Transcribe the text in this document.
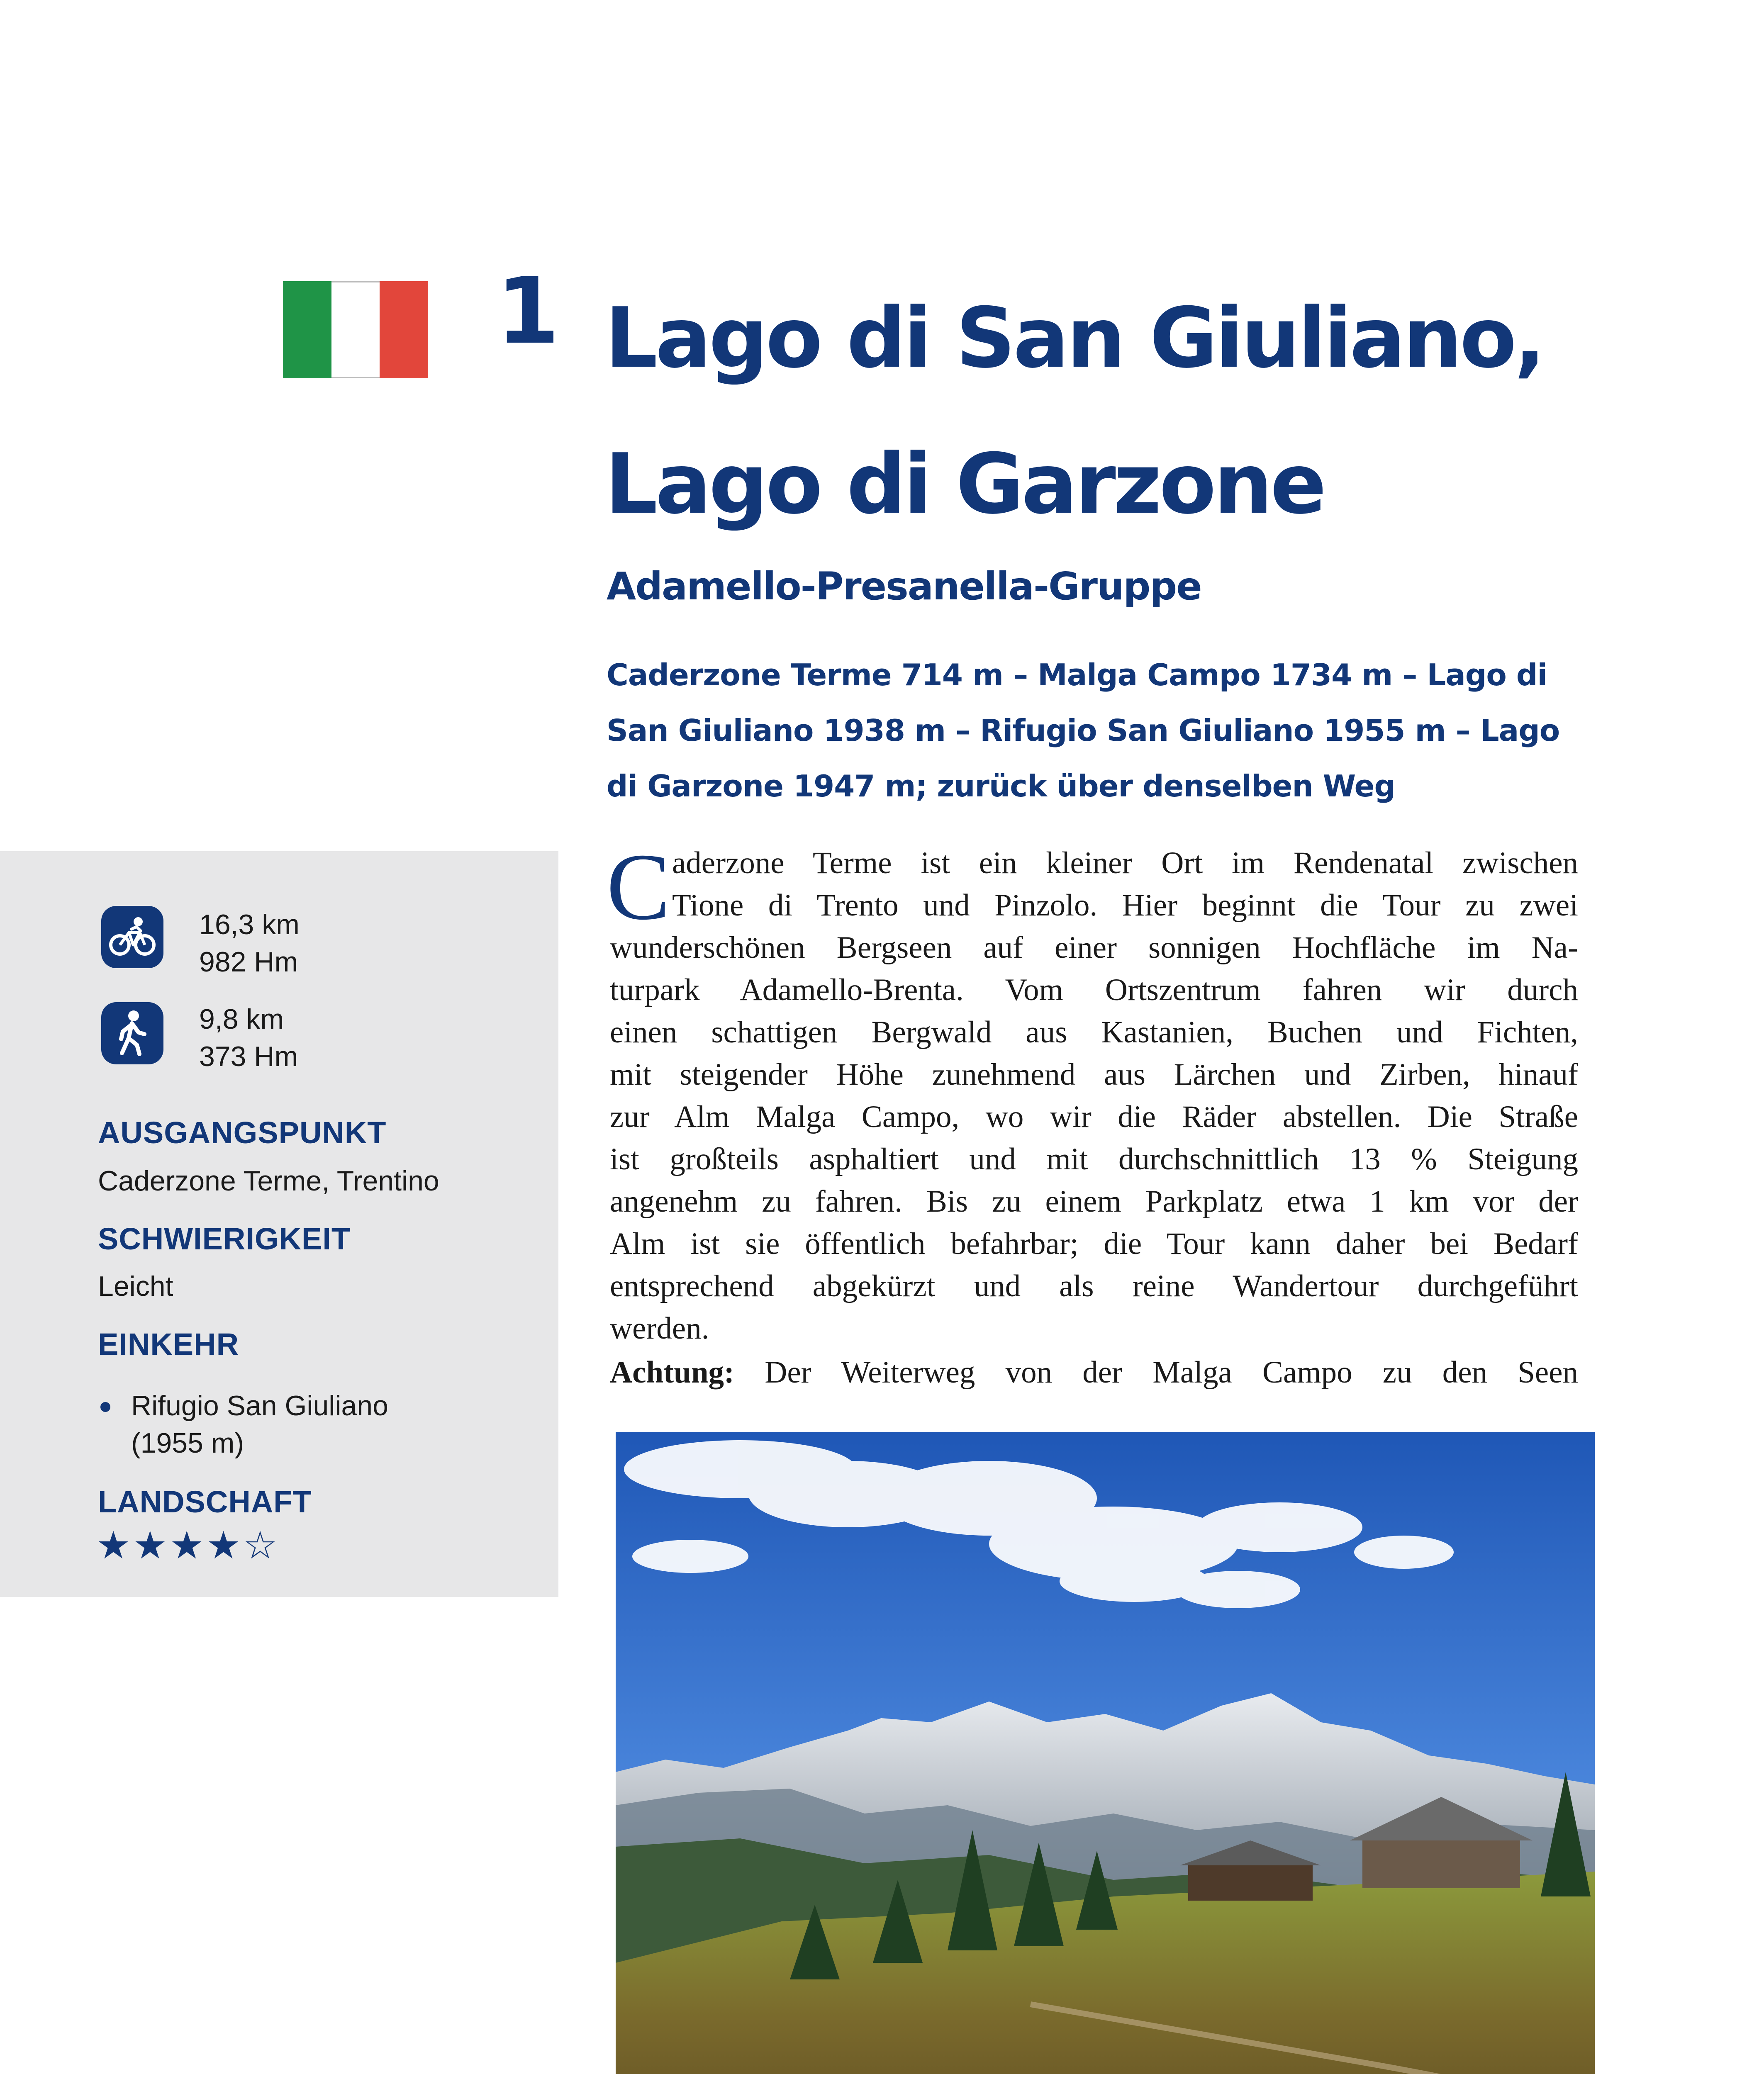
1 Lago di San Giuliano,
Lago di Garzone
Adamello-Presanella-Gruppe
Caderzone Terme 714 m – Malga Campo 1734 m – Lago di
San Giuliano 1938 m – Rifugio San Giuliano 1955 m – Lago
di Garzone 1947 m; zurück über denselben Weg
16,3 km
982 Hm
9,8 km
373 Hm
AUSGANGSPUNKT
Caderzone Terme, Trentino
SCHWIERIGKEIT
Leicht
EINKEHR
Rifugio San Giuliano
(1955 m)
LANDSCHAFT
★★★★☆
C aderzone Terme ist ein kleiner Ort im Rendenatal zwischen
Tione di Trento und Pinzolo. Hier beginnt die Tour zu zwei
wunderschönen Bergseen auf einer sonnigen Hochfläche im Na-
turpark Adamello-Brenta. Vom Ortszentrum fahren wir durch
einen schattigen Bergwald aus Kastanien, Buchen und Fichten,
mit steigender Höhe zunehmend aus Lärchen und Zirben, hinauf
zur Alm Malga Campo, wo wir die Räder abstellen. Die Straße
ist großteils asphaltiert und mit durchschnittlich 13 % Steigung
angenehm zu fahren. Bis zu einem Parkplatz etwa 1 km vor der
Alm ist sie öffentlich befahrbar; die Tour kann daher bei Bedarf
entsprechend abgekürzt und als reine Wandertour durchgeführt
werden.
Achtung: Der Weiterweg von der Malga Campo zu den Seen
